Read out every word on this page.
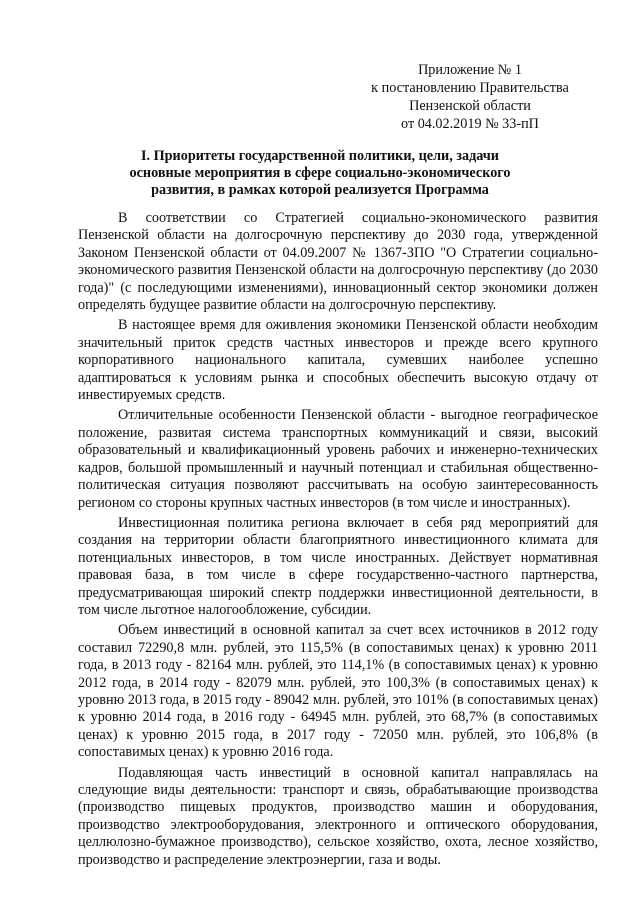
Приложение № 1
к постановлению Правительства
Пензенской области
от 04.02.2019 № 33-пП
I. Приоритеты государственной политики, цели, задачи
основные мероприятия в сфере социально-экономического
развития, в рамках которой реализуется Программа

В соответствии со Стратегией социально-экономического развития Пензенской области на долгосрочную перспективу до 2030 года, утвержденной Законом Пензенской области от 04.09.2007 № 1367-ЗПО "О Стратегии социально-экономического развития Пензенской области на долгосрочную перспективу (до 2030 года)" (с последующими изменениями), инновационный сектор экономики должен определять будущее развитие области на долгосрочную перспективу.

В настоящее время для оживления экономики Пензенской области необходим значительный приток средств частных инвесторов и прежде всего крупного корпоративного национального капитала, сумевших наиболее успешно адаптироваться к условиям рынка и способных обеспечить высокую отдачу от инвестируемых средств.

Отличительные особенности Пензенской области - выгодное географическое положение, развитая система транспортных коммуникаций и связи, высокий образовательный и квалификационный уровень рабочих и инженерно-технических кадров, большой промышленный и научный потенциал и стабильная общественно-политическая ситуация позволяют рассчитывать на особую заинтересованность регионом со стороны крупных частных инвесторов (в том числе и иностранных).

Инвестиционная политика региона включает в себя ряд мероприятий для создания на территории области благоприятного инвестиционного климата для потенциальных инвесторов, в том числе иностранных. Действует нормативная правовая база, в том числе в сфере государственно-частного партнерства, предусматривающая широкий спектр поддержки инвестиционной деятельности, в том числе льготное налогообложение, субсидии.

Объем инвестиций в основной капитал за счет всех источников в 2012 году составил 72290,8 млн. рублей, это 115,5% (в сопоставимых ценах) к уровню 2011 года, в 2013 году - 82164 млн. рублей, это 114,1% (в сопоставимых ценах) к уровню 2012 года, в 2014 году - 82079 млн. рублей, это 100,3% (в сопоставимых ценах) к уровню 2013 года, в 2015 году - 89042 млн. рублей, это 101% (в сопоставимых ценах) к уровню 2014 года, в 2016 году - 64945 млн. рублей, это 68,7% (в сопоставимых ценах) к уровню 2015 года, в 2017 году - 72050 млн. рублей, это 106,8% (в сопоставимых ценах) к уровню 2016 года.

Подавляющая часть инвестиций в основной капитал направлялась на следующие виды деятельности: транспорт и связь, обрабатывающие производства (производство пищевых продуктов, производство машин и оборудования, производство электрооборудования, электронного и оптического оборудования, целлюлозно-бумажное производство), сельское хозяйство, охота, лесное хозяйство, производство и распределение электроэнергии, газа и воды.
